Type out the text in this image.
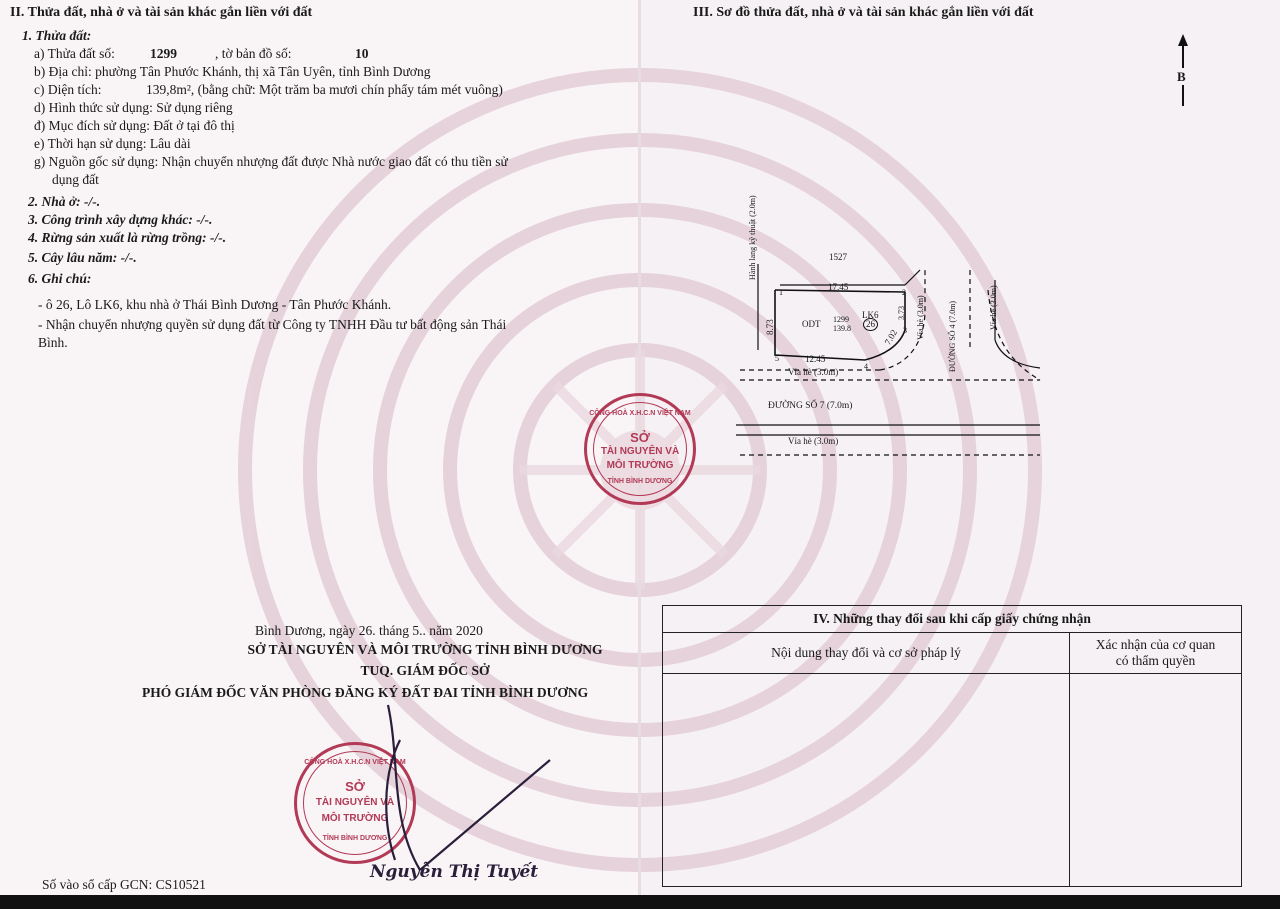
II. Thửa đất, nhà ở và tài sản khác gắn liền với đất
1. Thửa đất:
a) Thửa đất số:	1299	, tờ bản đồ số:	10
b) Địa chỉ: phường Tân Phước Khánh, thị xã Tân Uyên, tỉnh Bình Dương
c) Diện tích:	139,8m², (bằng chữ: Một trăm ba mươi chín phẩy tám mét vuông)
d) Hình thức sử dụng: Sử dụng riêng
đ) Mục đích sử dụng: Đất ở tại đô thị
e) Thời hạn sử dụng: Lâu dài
g) Nguồn gốc sử dụng: Nhận chuyển nhượng đất được Nhà nước giao đất có thu tiền sử
dụng đất
2. Nhà ở: -/-.
3. Công trình xây dựng khác: -/-.
4. Rừng sản xuất là rừng trồng: -/-.
5. Cây lâu năm: -/-.
6. Ghi chú:
- ô 26, Lô LK6, khu nhà ở Thái Bình Dương - Tân Phước Khánh.
- Nhận chuyển nhượng quyền sử dụng đất từ Công ty TNHH Đầu tư bất động sản Thái
Bình.
Bình Dương, ngày 26. tháng 5.. năm 2020
SỞ TÀI NGUYÊN VÀ MÔI TRƯỜNG TỈNH BÌNH DƯƠNG
TUQ. GIÁM ĐỐC SỞ
PHÓ GIÁM ĐỐC VĂN PHÒNG ĐĂNG KÝ ĐẤT ĐAI TỈNH BÌNH DƯƠNG
Số vào sổ cấp GCN: CS10521
CỘNG HOÀ X.H.C.N VIỆT NAM
SỞ
TÀI NGUYÊN VÀ
MÔI TRƯỜNG
TỈNH BÌNH DƯƠNG
CỘNG HOÀ X.H.C.N VIỆT NAM
SỞ
TÀI NGUYÊN VÀ
MÔI TRƯỜNG
TỈNH BÌNH DƯƠNG
Nguyễn Thị Tuyết
III. Sơ đồ thửa đất, nhà ở và tài sản khác gắn liền với đất
B
1527
Hành lang kỹ thuật (2.0m)
17.45
8.73
12.45
7.02
3.73
ODT 1299
139.8
LK6
26
1	2
3
4
5
Vỉa hè (3.0m)	ĐƯỜNG SỐ 4 (7.0m)	Vỉa hè (3.0m)
Vỉa hè (3.0m)
ĐƯỜNG SỐ 7 (7.0m)
Vỉa hè (3.0m)
IV. Những thay đổi sau khi cấp giấy chứng nhận	
Nội dung thay đổi và cơ sở pháp lý	Xác nhận của cơ quan
có thẩm quyền
